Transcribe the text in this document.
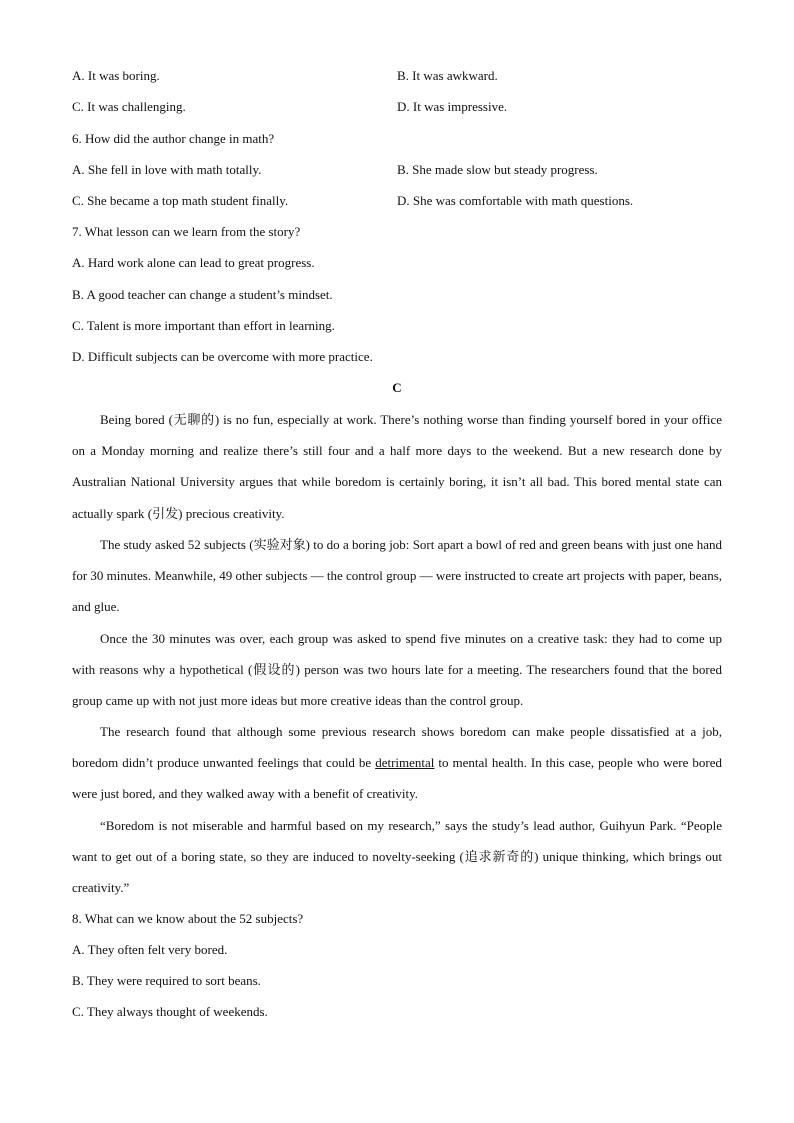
A. It was boring.	B. It was awkward.
C. It was challenging.	D. It was impressive.
6. How did the author change in math?
A. She fell in love with math totally.	B. She made slow but steady progress.
C. She became a top math student finally.	D. She was comfortable with math questions.
7. What lesson can we learn from the story?
A. Hard work alone can lead to great progress.
B. A good teacher can change a student’s mindset.
C. Talent is more important than effort in learning.
D. Difficult subjects can be overcome with more practice.
C

Being bored (无聊的) is no fun, especially at work. There’s nothing worse than finding yourself bored in your office on a Monday morning and realize there’s still four and a half more days to the weekend. But a new research done by Australian National University argues that while boredom is certainly boring, it isn’t all bad. This bored mental state can actually spark (引发) precious creativity.

The study asked 52 subjects (实验对象) to do a boring job: Sort apart a bowl of red and green beans with just one hand for 30 minutes. Meanwhile, 49 other subjects — the control group — were instructed to create art projects with paper, beans, and glue.

Once the 30 minutes was over, each group was asked to spend five minutes on a creative task: they had to come up with reasons why a hypothetical (假设的) person was two hours late for a meeting. The researchers found that the bored group came up with not just more ideas but more creative ideas than the control group.

The research found that although some previous research shows boredom can make people dissatisfied at a job, boredom didn’t produce unwanted feelings that could be detrimental to mental health. In this case, people who were bored were just bored, and they walked away with a benefit of creativity.

“Boredom is not miserable and harmful based on my research,” says the study’s lead author, Guihyun Park. “People want to get out of a boring state, so they are induced to novelty-seeking (追求新奇的) unique thinking, which brings out creativity.”

8. What can we know about the 52 subjects?
A. They often felt very bored.
B. They were required to sort beans.
C. They always thought of weekends.
